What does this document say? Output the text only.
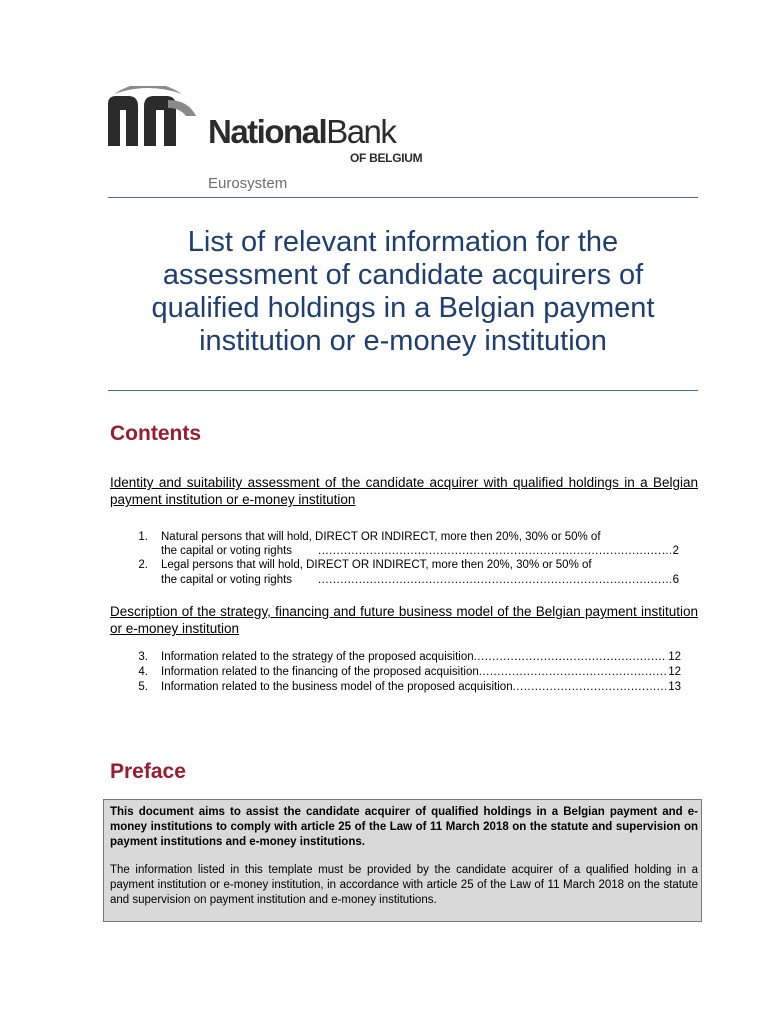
NationalBank
OF BELGIUM
Eurosystem
List of relevant information for the
assessment of candidate acquirers of
qualified holdings in a Belgian payment
institution or e-money institution
Contents
Identity and suitability assessment of the candidate acquirer with qualified holdings in a Belgian payment institution or e-money institution
1. Natural persons that will hold, DIRECT OR INDIRECT, more then 20%, 30% or 50% of
the capital or voting rights .....	2
2. Legal persons that will hold, DIRECT OR INDIRECT, more then 20%, 30% or 50% of
the capital or voting rights .....	6
Description of the strategy, financing and future business model of the Belgian payment institution or e-money institution
3. Information related to the strategy of the proposed acquisition .....	12
4. Information related to the financing of the proposed acquisition .....	12
5. Information related to the business model of the proposed acquisition .....	13
Preface
This document aims to assist the candidate acquirer of qualified holdings in a Belgian payment and e-money institutions to comply with article 25 of the Law of 11 March 2018 on the statute and supervision on payment institutions and e-money institutions.
The information listed in this template must be provided by the candidate acquirer of a qualified holding in a payment institution or e-money institution, in accordance with article 25 of the Law of 11 March 2018 on the statute and supervision on payment institution and e-money institutions.
